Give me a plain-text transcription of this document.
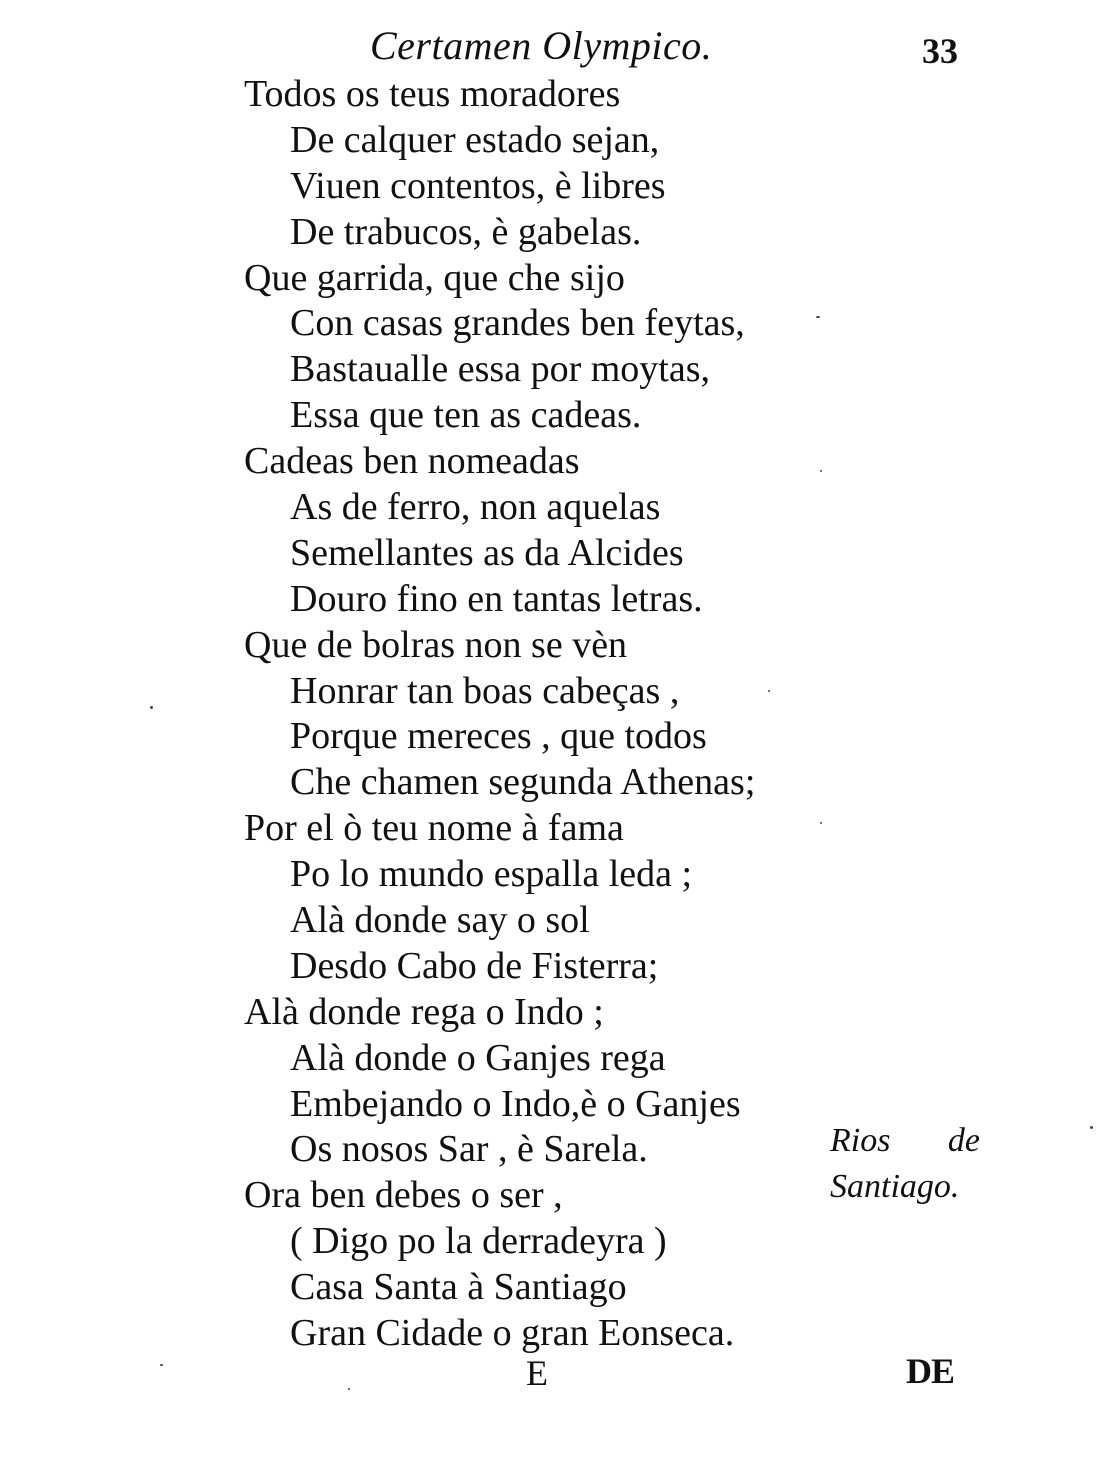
Certamen Olympico.	33
Todos os teus moradores
De calquer estado sejan,
Viuen contentos, è libres
De trabucos, è gabelas.
Que garrida, que che sijo
Con casas grandes ben feytas,
Bastaualle essa por moytas,
Essa que ten as cadeas.
Cadeas ben nomeadas
As de ferro, non aquelas
Semellantes as da Alcides
Douro fino en tantas letras.
Que de bolras non se vèn
Honrar tan boas cabeças ,
Porque mereces , que todos
Che chamen segunda Athenas;
Por el ò teu nome à fama
Po lo mundo espalla leda ;
Alà donde say o sol
Desdo Cabo de Fisterra;
Alà donde rega o Indo ;
Alà donde o Ganjes rega
Embejando o Indo,è o Ganjes
Os nosos Sar , è Sarela.
Ora ben debes o ser ,
( Digo po la derradeyra )
Casa Santa à Santiago
Gran Cidade o gran Eonseca.
Rios de
Santiago.
E	DE
